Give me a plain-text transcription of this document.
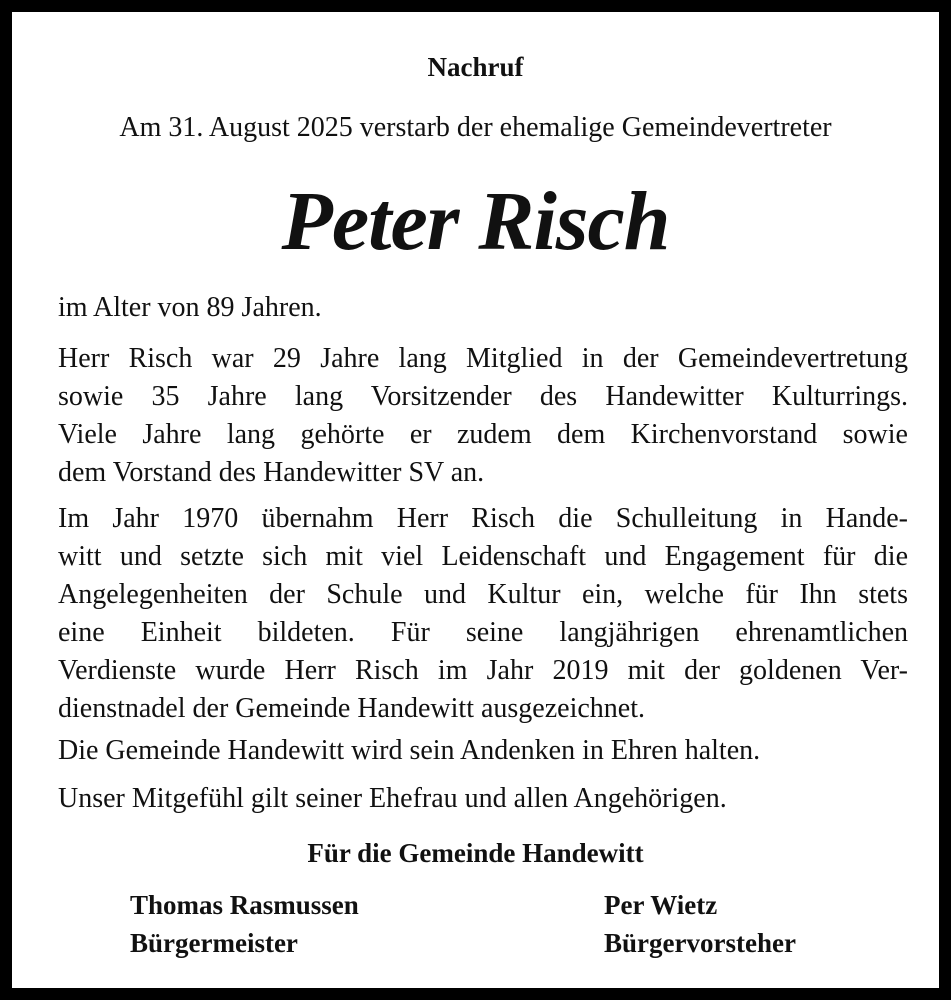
Nachruf
Am 31. August 2025 verstarb der ehemalige Gemeindevertreter
Peter Risch

im Alter von 89 Jahren.

Herr Risch war 29 Jahre lang Mitglied in der Gemeindevertretung
sowie 35 Jahre lang Vorsitzender des Handewitter Kulturrings.
Viele Jahre lang gehörte er zudem dem Kirchenvorstand sowie
dem Vorstand des Handewitter SV an.
Im Jahr 1970 übernahm Herr Risch die Schulleitung in Hande-
witt und setzte sich mit viel Leidenschaft und Engagement für die
Angelegenheiten der Schule und Kultur ein, welche für Ihn stets
eine Einheit bildeten. Für seine langjährigen ehrenamtlichen
Verdienste wurde Herr Risch im Jahr 2019 mit der goldenen Ver-
dienstnadel der Gemeinde Handewitt ausgezeichnet.
Die Gemeinde Handewitt wird sein Andenken in Ehren halten.
Unser Mitgefühl gilt seiner Ehefrau und allen Angehörigen.
Für die Gemeinde Handewitt
Thomas Rasmussen
Bürgermeister
Per Wietz
Bürgervorsteher
